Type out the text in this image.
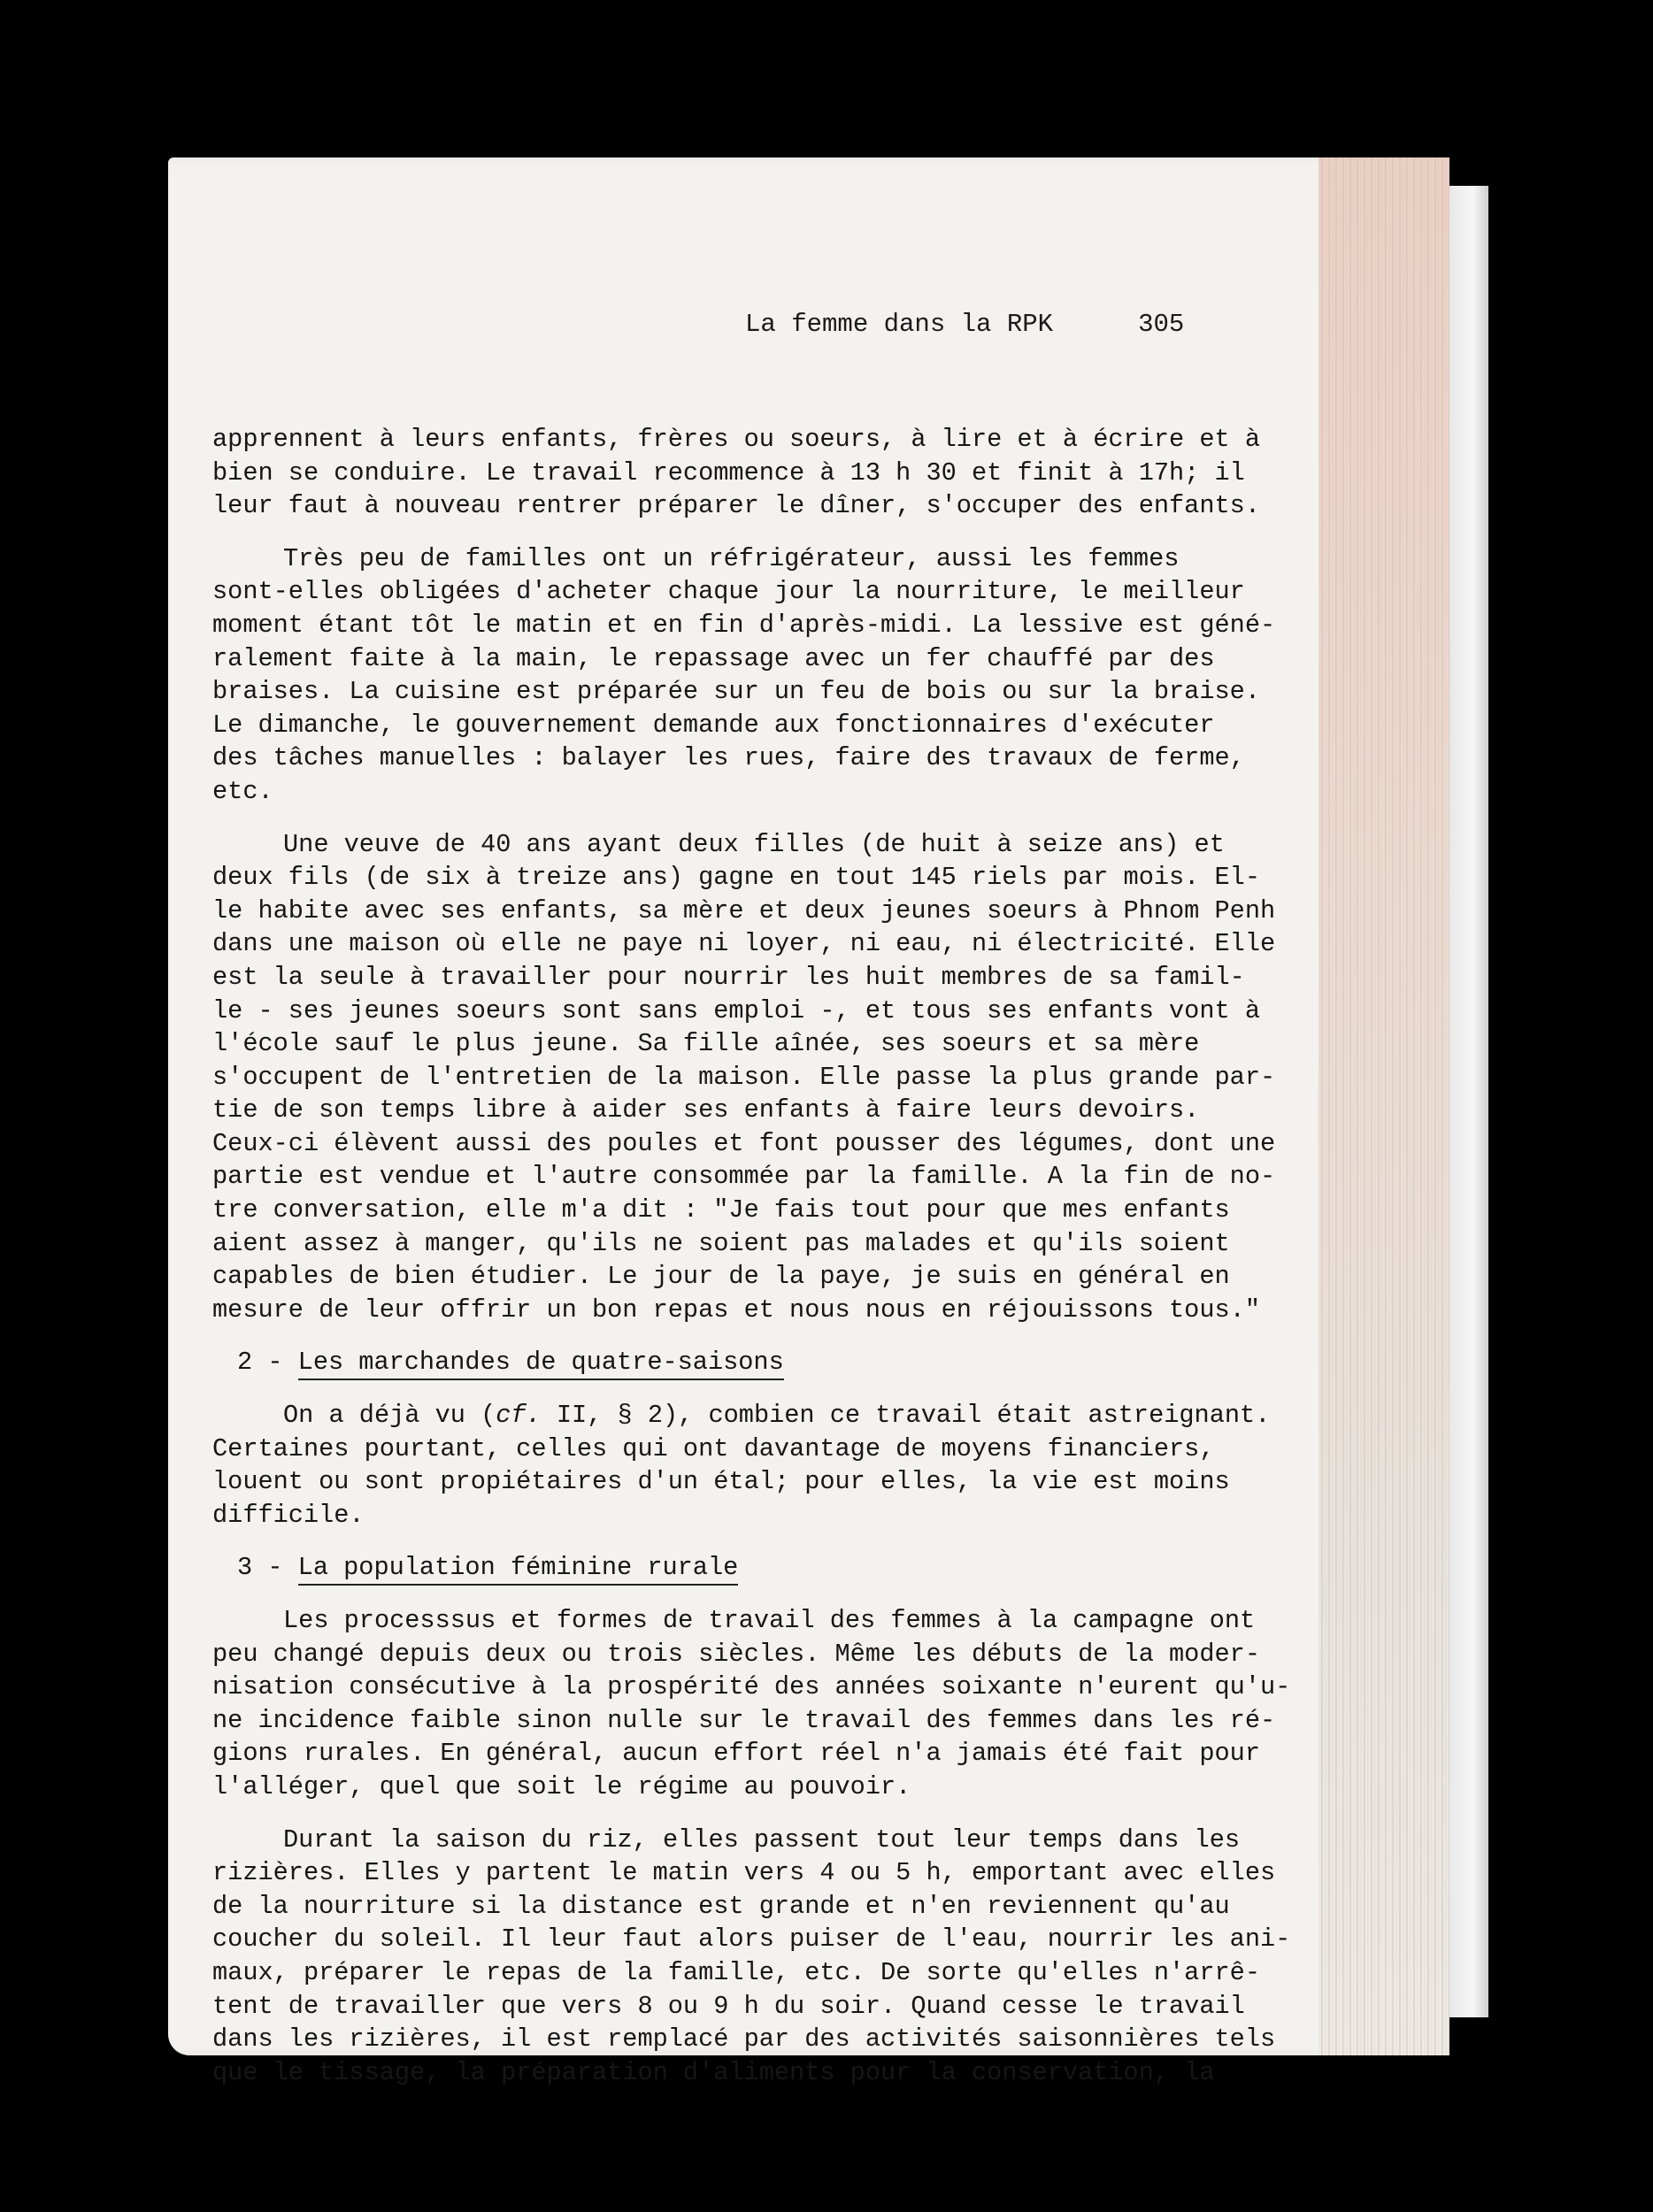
La femme dans la RPK	305
apprennent à leurs enfants, frères ou soeurs, à lire et à écrire et à
bien se conduire. Le travail recommence à 13 h 30 et finit à 17h; il
leur faut à nouveau rentrer préparer le dîner, s'occuper des enfants.
Très peu de familles ont un réfrigérateur, aussi les femmes
sont-elles obligées d'acheter chaque jour la nourriture, le meilleur
moment étant tôt le matin et en fin d'après-midi. La lessive est géné-
ralement faite à la main, le repassage avec un fer chauffé par des
braises. La cuisine est préparée sur un feu de bois ou sur la braise.
Le dimanche, le gouvernement demande aux fonctionnaires d'exécuter
des tâches manuelles : balayer les rues, faire des travaux de ferme,
etc.
Une veuve de 40 ans ayant deux filles (de huit à seize ans) et
deux fils (de six à treize ans) gagne en tout 145 riels par mois. El-
le habite avec ses enfants, sa mère et deux jeunes soeurs à Phnom Penh
dans une maison où elle ne paye ni loyer, ni eau, ni électricité. Elle
est la seule à travailler pour nourrir les huit membres de sa famil-
le - ses jeunes soeurs sont sans emploi -, et tous ses enfants vont à
l'école sauf le plus jeune. Sa fille aînée, ses soeurs et sa mère
s'occupent de l'entretien de la maison. Elle passe la plus grande par-
tie de son temps libre à aider ses enfants à faire leurs devoirs.
Ceux-ci élèvent aussi des poules et font pousser des légumes, dont une
partie est vendue et l'autre consommée par la famille. A la fin de no-
tre conversation, elle m'a dit : "Je fais tout pour que mes enfants
aient assez à manger, qu'ils ne soient pas malades et qu'ils soient
capables de bien étudier. Le jour de la paye, je suis en général en
mesure de leur offrir un bon repas et nous nous en réjouissons tous."
2 - Les marchandes de quatre-saisons
On a déjà vu (cf. II, § 2), combien ce travail était astreignant.
Certaines pourtant, celles qui ont davantage de moyens financiers,
louent ou sont propiétaires d'un étal; pour elles, la vie est moins
difficile.
3 - La population féminine rurale
Les processsus et formes de travail des femmes à la campagne ont
peu changé depuis deux ou trois siècles. Même les débuts de la moder-
nisation consécutive à la prospérité des années soixante n'eurent qu'u-
ne incidence faible sinon nulle sur le travail des femmes dans les ré-
gions rurales. En général, aucun effort réel n'a jamais été fait pour
l'alléger, quel que soit le régime au pouvoir.
Durant la saison du riz, elles passent tout leur temps dans les
rizières. Elles y partent le matin vers 4 ou 5 h, emportant avec elles
de la nourriture si la distance est grande et n'en reviennent qu'au
coucher du soleil. Il leur faut alors puiser de l'eau, nourrir les ani-
maux, préparer le repas de la famille, etc. De sorte qu'elles n'arrê-
tent de travailler que vers 8 ou 9 h du soir. Quand cesse le travail
dans les rizières, il est remplacé par des activités saisonnières tels
que le tissage, la préparation d'aliments pour la conservation, la
